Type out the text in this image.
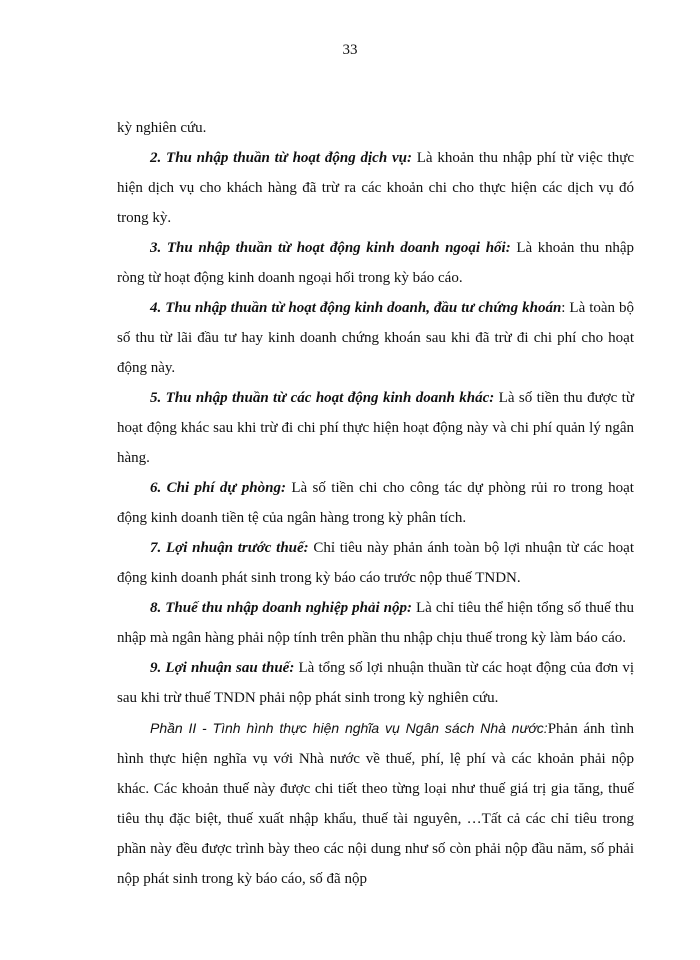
33

kỳ nghiên cứu.

2. Thu nhập thuần từ hoạt động dịch vụ: Là khoản thu nhập phí từ việc thực hiện dịch vụ cho khách hàng đã trừ ra các khoản chi cho thực hiện các dịch vụ đó trong kỳ.

3. Thu nhập thuần từ hoạt động kinh doanh ngoại hối: Là khoản thu nhập ròng từ hoạt động kinh doanh ngoại hối trong kỳ báo cáo.

4. Thu nhập thuần từ hoạt động kinh doanh, đầu tư chứng khoán: Là toàn bộ số thu từ lãi đầu tư hay kinh doanh chứng khoán sau khi đã trừ đi chi phí cho hoạt động này.

5. Thu nhập thuần từ các hoạt động kinh doanh khác: Là số tiền thu được từ hoạt động khác sau khi trừ đi chi phí thực hiện hoạt động này và chi phí quản lý ngân hàng.

6. Chi phí dự phòng: Là số tiền chi cho công tác dự phòng rủi ro trong hoạt động kinh doanh tiền tệ của ngân hàng trong kỳ phân tích.

7. Lợi nhuận trước thuế: Chỉ tiêu này phản ánh toàn bộ lợi nhuận từ các hoạt động kinh doanh phát sinh trong kỳ báo cáo trước nộp thuế TNDN.

8. Thuế thu nhập doanh nghiệp phải nộp: Là chỉ tiêu thể hiện tổng số thuế thu nhập mà ngân hàng phải nộp tính trên phần thu nhập chịu thuế trong kỳ làm báo cáo.

9. Lợi nhuận sau thuế: Là tổng số lợi nhuận thuần từ các hoạt động của đơn vị sau khi trừ thuế TNDN phải nộp phát sinh trong kỳ nghiên cứu.

Phần II - Tình hình thực hiện nghĩa vụ Ngân sách Nhà nước:Phản ánh tình hình thực hiện nghĩa vụ với Nhà nước về thuế, phí, lệ phí và các khoản phải nộp khác. Các khoản thuế này được chi tiết theo từng loại như thuế giá trị gia tăng, thuế tiêu thụ đặc biệt, thuế xuất nhập khẩu, thuế tài nguyên, …Tất cả các chỉ tiêu trong phần này đều được trình bày theo các nội dung như số còn phải nộp đầu năm, số phải nộp phát sinh trong kỳ báo cáo, số đã nộp
